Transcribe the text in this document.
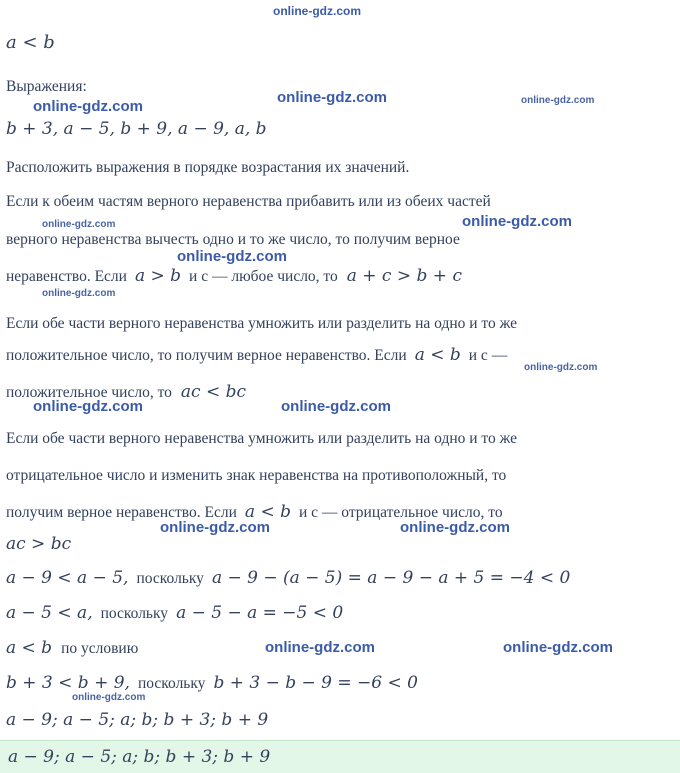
online-gdz.com
online-gdz.com
online-gdz.com	online-gdz.com
online-gdz.com	online-gdz.com
online-gdz.com
online-gdz.com
online-gdz.com
online-gdz.com	online-gdz.com
online-gdz.com	online-gdz.com
online-gdz.com	online-gdz.com
online-gdz.com
a < b
Выражения:
b + 3, a − 5, b + 9, a − 9, a, b
Расположить выражения в порядке возрастания их значений.
Если к обеим частям верного неравенства прибавить или из обеих частей
верного неравенства вычесть одно и то же число, то получим верное
неравенство. Если a > b и c — любое число, то a + c > b + c
Если обе части верного неравенства умножить или разделить на одно и то же
положительное число, то получим верное неравенство. Если a < b и c —
положительное число, то ac < bc
Если обе части верного неравенства умножить или разделить на одно и то же
отрицательное число и изменить знак неравенства на противоположный, то
получим верное неравенство. Если a < b и c — отрицательное число, то
ac > bc
a − 9 < a − 5, поскольку a − 9 − (a − 5) = a − 9 − a + 5 = −4 < 0
a − 5 < a, поскольку a − 5 − a = −5 < 0
a < b по условию
b + 3 < b + 9, поскольку b + 3 − b − 9 = −6 < 0
a − 9; a − 5; a; b; b + 3; b + 9
a − 9; a − 5; a; b; b + 3; b + 9
